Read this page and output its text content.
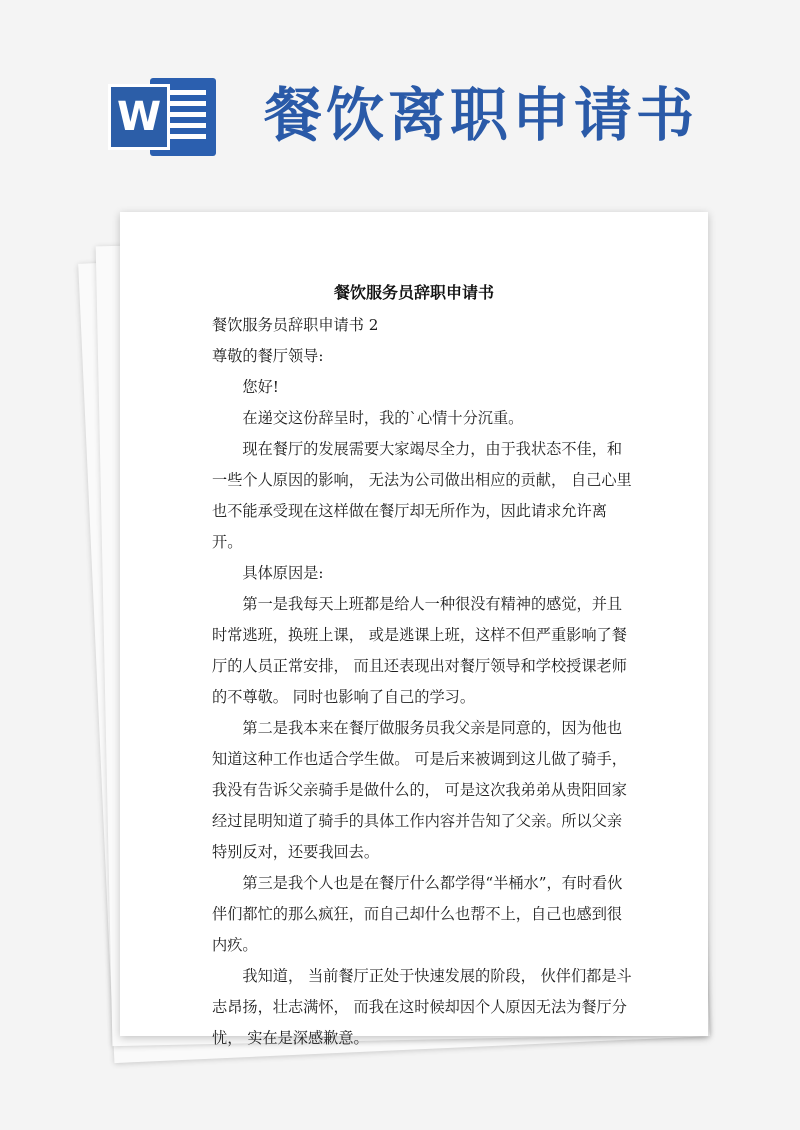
W 餐饮离职申请书
餐饮服务员辞职申请书

餐饮服务员辞职申请书 2

尊敬的餐厅领导:

您好!

在递交这份辞呈时，我的`心情十分沉重。

现在餐厅的发展需要大家竭尽全力，由于我状态不佳，和一些个人原因的影响， 无法为公司做出相应的贡献， 自己心里也不能承受现在这样做在餐厅却无所作为，因此请求允许离开。

具体原因是:

第一是我每天上班都是给人一种很没有精神的感觉，并且时常逃班，换班上课， 或是逃课上班，这样不但严重影响了餐厅的人员正常安排， 而且还表现出对餐厅领导和学校授课老师的不尊敬。 同时也影响了自己的学习。

第二是我本来在餐厅做服务员我父亲是同意的，因为他也知道这种工作也适合学生做。 可是后来被调到这儿做了骑手， 我没有告诉父亲骑手是做什么的， 可是这次我弟弟从贵阳回家经过昆明知道了骑手的具体工作内容并告知了父亲。所以父亲特别反对，还要我回去。

第三是我个人也是在餐厅什么都学得“半桶水”，有时看伙伴们都忙的那么疯狂，而自己却什么也帮不上，自己也感到很内疚。

我知道， 当前餐厅正处于快速发展的阶段， 伙伴们都是斗志昂扬，壮志满怀， 而我在这时候却因个人原因无法为餐厅分忧， 实在是深感歉意。
